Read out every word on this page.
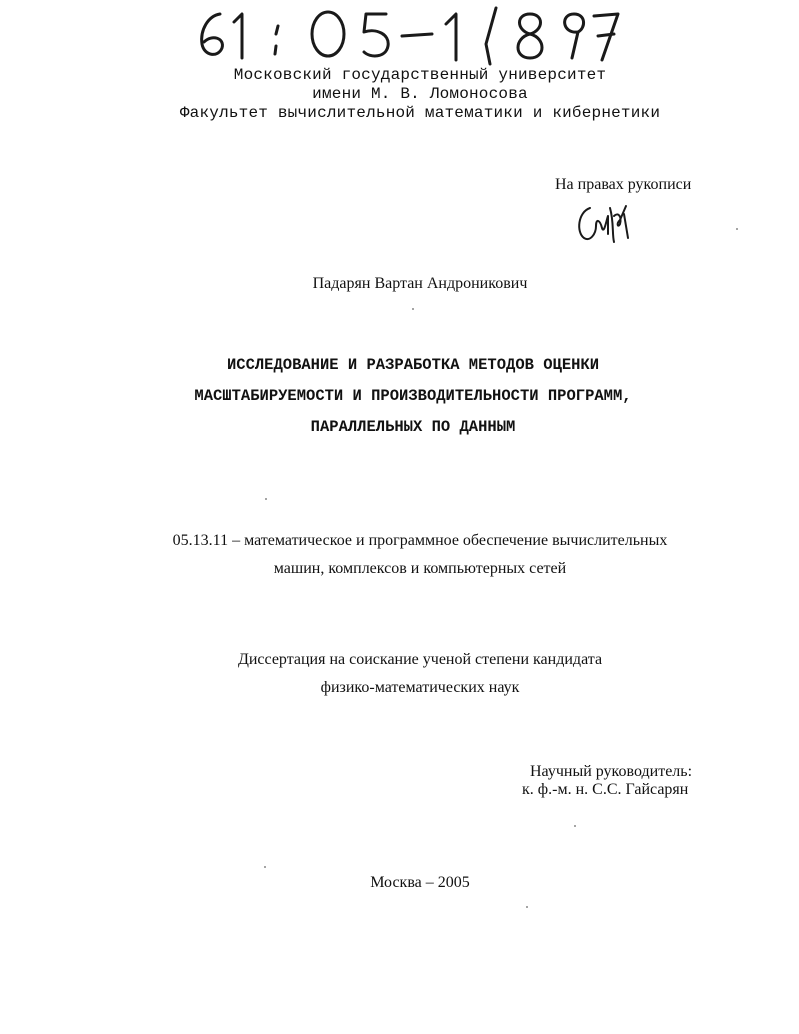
Московский государственный университет
имени М. В. Ломоносова
Факультет вычислительной математики и кибернетики
На правах рукописи
Падарян Вартан Андроникович
ИССЛЕДОВАНИЕ И РАЗРАБОТКА МЕТОДОВ ОЦЕНКИ
МАСШТАБИРУЕМОСТИ И ПРОИЗВОДИТЕЛЬНОСТИ ПРОГРАММ,
ПАРАЛЛЕЛЬНЫХ ПО ДАННЫМ
05.13.11 – математическое и программное обеспечение вычислительных
машин, комплексов и компьютерных сетей
Диссертация на соискание ученой степени кандидата
физико-математических наук
Научный руководитель:
к. ф.-м. н. С.С. Гайсарян
Москва – 2005
